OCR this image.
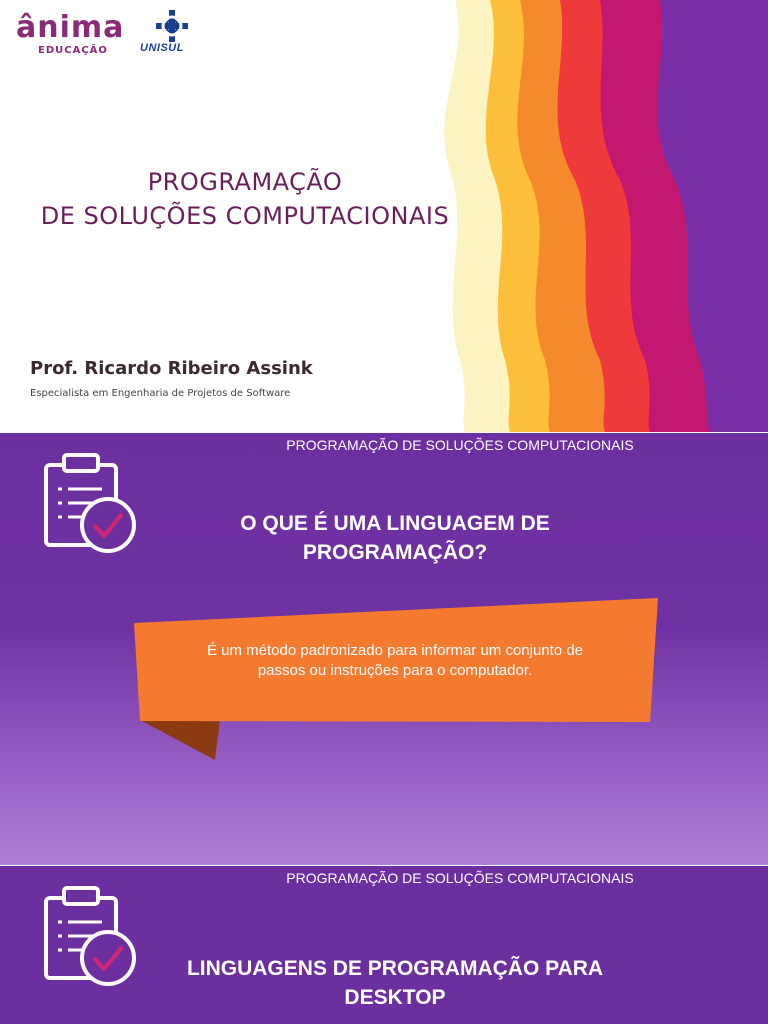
ânima
EDUCAÇÃO	UNISUL
PROGRAMAÇÃO
DE SOLUÇÕES COMPUTACIONAIS
Prof. Ricardo Ribeiro Assink
Especialista em Engenharia de Projetos de Software
PROGRAMAÇÃO DE SOLUÇÕES COMPUTACIONAIS
O QUE É UMA LINGUAGEM DE
PROGRAMAÇÃO?
É um método padronizado para informar um conjunto de
passos ou instruções para o computador.
PROGRAMAÇÃO DE SOLUÇÕES COMPUTACIONAIS
LINGUAGENS DE PROGRAMAÇÃO PARA
DESKTOP
